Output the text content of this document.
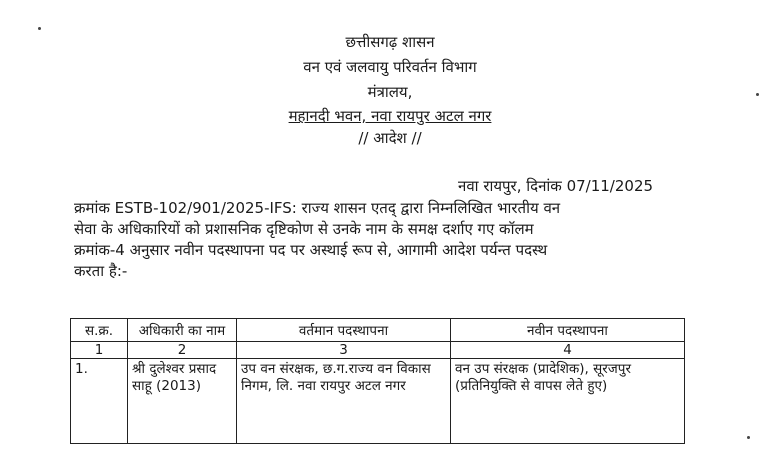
छत्तीसगढ़ शासन
वन एवं जलवायु परिवर्तन विभाग
मंत्रालय,
महानदी भवन, नवा रायपुर अटल नगर
// आदेश //
नवा रायपुर, दिनांक 07/11/2025
क्रमांक ESTB-102/901/2025-IFS: राज्य शासन एतद् द्वारा निम्नलिखित भारतीय वन
सेवा के अधिकारियों को प्रशासनिक दृष्टिकोण से उनके नाम के समक्ष दर्शाए गए कॉलम
क्रमांक-4 अनुसार नवीन पदस्थापना पद पर अस्थाई रूप से, आगामी आदेश पर्यन्त पदस्थ
करता है:-
स.क्र.	अधिकारी का नाम	वर्तमान पदस्थापना	नवीन पदस्थापना
1	2	3	4
1.	श्री दुलेश्वर प्रसाद साहू (2013)	उप वन संरक्षक, छ.ग.राज्य वन विकास निगम, लि. नवा रायपुर अटल नगर	वन उप संरक्षक (प्रादेशिक), सूरजपुर (प्रतिनियुक्ति से वापस लेते हुए)
